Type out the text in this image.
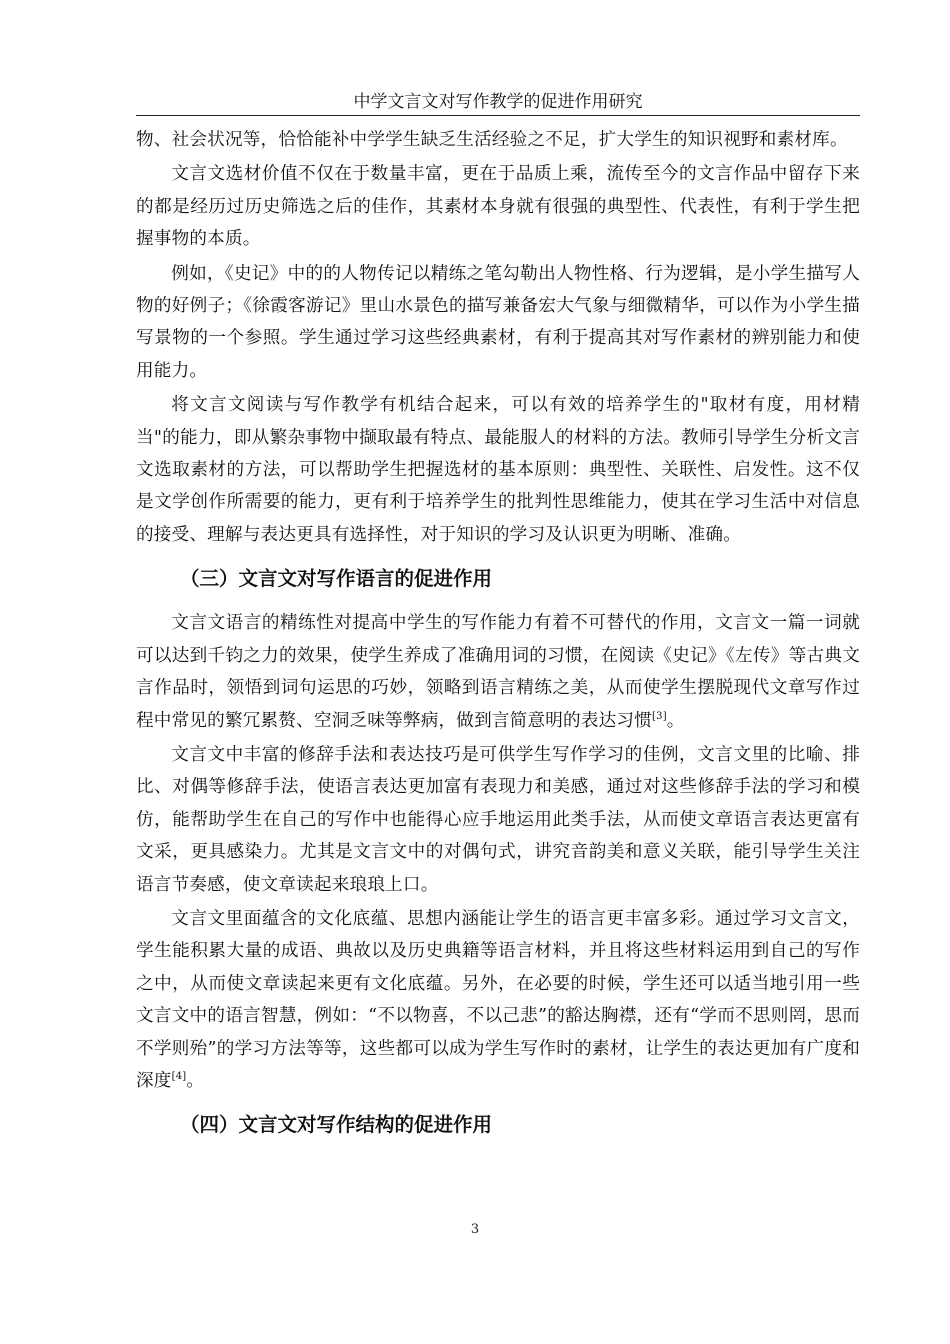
中学文言文对写作教学的促进作用研究

物、社会状况等，恰恰能补中学学生缺乏生活经验之不足，扩大学生的知识视野和素材库。

文言文选材价值不仅在于数量丰富，更在于品质上乘，流传至今的文言作品中留存下来的都是经历过历史筛选之后的佳作，其素材本身就有很强的典型性、代表性，有利于学生把握事物的本质。

例如，《史记》中的的人物传记以精练之笔勾勒出人物性格、行为逻辑，是小学生描写人物的好例子；《徐霞客游记》里山水景色的描写兼备宏大气象与细微精华，可以作为小学生描写景物的一个参照。学生通过学习这些经典素材，有利于提高其对写作素材的辨别能力和使用能力。

将文言文阅读与写作教学有机结合起来，可以有效的培养学生的"取材有度，用材精当"的能力，即从繁杂事物中撷取最有特点、最能服人的材料的方法。教师引导学生分析文言文选取素材的方法，可以帮助学生把握选材的基本原则：典型性、关联性、启发性。这不仅是文学创作所需要的能力，更有利于培养学生的批判性思维能力，使其在学习生活中对信息的接受、理解与表达更具有选择性，对于知识的学习及认识更为明晰、准确。

（三）文言文对写作语言的促进作用

文言文语言的精练性对提高中学生的写作能力有着不可替代的作用，文言文一篇一词就可以达到千钧之力的效果，使学生养成了准确用词的习惯，在阅读《史记》《左传》等古典文言作品时，领悟到词句运思的巧妙，领略到语言精练之美，从而使学生摆脱现代文章写作过程中常见的繁冗累赘、空洞乏味等弊病，做到言简意明的表达习惯[3]。

文言文中丰富的修辞手法和表达技巧是可供学生写作学习的佳例，文言文里的比喻、排比、对偶等修辞手法，使语言表达更加富有表现力和美感，通过对这些修辞手法的学习和模仿，能帮助学生在自己的写作中也能得心应手地运用此类手法，从而使文章语言表达更富有文采，更具感染力。尤其是文言文中的对偶句式，讲究音韵美和意义关联，能引导学生关注语言节奏感，使文章读起来琅琅上口。

文言文里面蕴含的文化底蕴、思想内涵能让学生的语言更丰富多彩。通过学习文言文，学生能积累大量的成语、典故以及历史典籍等语言材料，并且将这些材料运用到自己的写作之中，从而使文章读起来更有文化底蕴。另外，在必要的时候，学生还可以适当地引用一些文言文中的语言智慧，例如：“不以物喜，不以己悲”的豁达胸襟，还有“学而不思则罔，思而不学则殆”的学习方法等等，这些都可以成为学生写作时的素材，让学生的表达更加有广度和深度[4]。

（四）文言文对写作结构的促进作用
3
